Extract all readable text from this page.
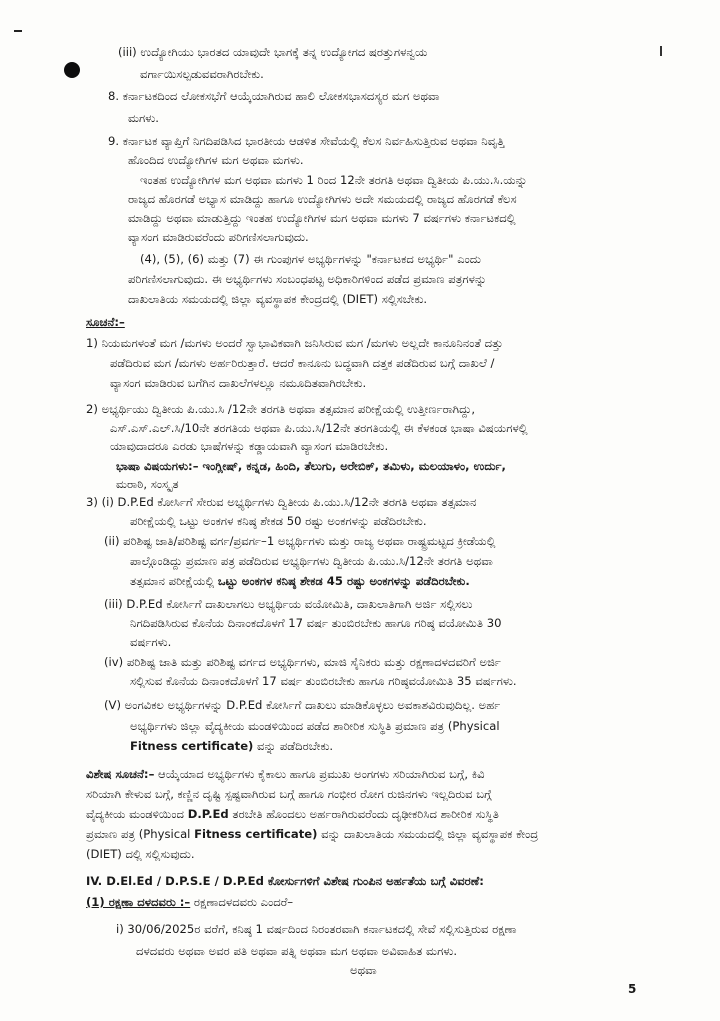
(iii) ಉದ್ಯೋಗಿಯು ಭಾರತದ ಯಾವುದೇ ಭಾಗಕ್ಕೆ ತನ್ನ ಉದ್ಯೋಗದ ಷರತ್ತುಗಳನ್ವಯ
ವರ್ಗಾಯಿಸಲ್ಪಡುವವರಾಗಿರಬೇಕು.
8. ಕರ್ನಾಟಕದಿಂದ ಲೋಕಸಭೆಗೆ ಆಯ್ಕೆಯಾಗಿರುವ ಹಾಲಿ ಲೋಕಸಭಾಸದಸ್ಯರ ಮಗ ಅಥವಾ
ಮಗಳು.
9. ಕರ್ನಾಟಕ ವ್ಯಾಪ್ತಿಗೆ ನಿಗದಿಪಡಿಸಿದ ಭಾರತೀಯ ಆಡಳಿತ ಸೇವೆಯಲ್ಲಿ ಕೆಲಸ ನಿರ್ವಹಿಸುತ್ತಿರುವ ಅಥವಾ ನಿವೃತ್ತಿ
ಹೊಂದಿದ ಉದ್ಯೋಗಿಗಳ ಮಗ ಅಥವಾ ಮಗಳು.
ಇಂತಹ ಉದ್ಯೋಗಿಗಳ ಮಗ ಅಥವಾ ಮಗಳು 1 ರಿಂದ 12ನೇ ತರಗತಿ ಅಥವಾ ದ್ವಿತೀಯ ಪಿ.ಯು.ಸಿ.ಯನ್ನು
ರಾಜ್ಯದ ಹೊರಗಡೆ ಅಭ್ಯಾಸ ಮಾಡಿದ್ದು ಹಾಗೂ ಉದ್ಯೋಗಿಗಳು ಅದೇ ಸಮಯದಲ್ಲಿ ರಾಜ್ಯದ ಹೊರಗಡೆ ಕೆಲಸ
ಮಾಡಿದ್ದು ಅಥವಾ ಮಾಡುತ್ತಿದ್ದು ಇಂತಹ ಉದ್ಯೋಗಿಗಳ ಮಗ ಅಥವಾ ಮಗಳು 7 ವರ್ಷಗಳು ಕರ್ನಾಟಕದಲ್ಲಿ
ವ್ಯಾಸಂಗ ಮಾಡಿರುವರೆಂದು ಪರಿಗಣಿಸಲಾಗುವುದು.
(4), (5), (6) ಮತ್ತು (7) ಈ ಗುಂಪುಗಳ ಅಭ್ಯರ್ಥಿಗಳನ್ನು "ಕರ್ನಾಟಕದ ಅಭ್ಯರ್ಥಿ" ಎಂದು
ಪರಿಗಣಿಸಲಾಗುವುದು. ಈ ಅಭ್ಯರ್ಥಿಗಳು ಸಂಬಂಧಪಟ್ಟ ಅಧಿಕಾರಿಗಳಿಂದ ಪಡೆದ ಪ್ರಮಾಣ ಪತ್ರಗಳನ್ನು
ದಾಖಲಾತಿಯ ಸಮಯದಲ್ಲಿ ಜಿಲ್ಲಾ ವ್ಯವಸ್ಥಾಪಕ ಕೇಂದ್ರದಲ್ಲಿ (DIET) ಸಲ್ಲಿಸಬೇಕು.
ಸೂಚನೆ:–
1) ನಿಯಮಗಳಂತೆ ಮಗ /ಮಗಳು ಅಂದರೆ ಸ್ವಾಭಾವಿಕವಾಗಿ ಜನಿಸಿರುವ ಮಗ /ಮಗಳು ಅಲ್ಲದೇ ಕಾನೂನಿನಂತೆ ದತ್ತು
ಪಡೆದಿರುವ ಮಗ /ಮಗಳು ಅರ್ಹರಿರುತ್ತಾರೆ. ಆದರೆ ಕಾನೂನು ಬದ್ಧವಾಗಿ ದತ್ತಕ ಪಡೆದಿರುವ ಬಗ್ಗೆ ದಾಖಲೆ /
ವ್ಯಾಸಂಗ ಮಾಡಿರುವ ಬಗೆಗಿನ ದಾಖಲೆಗಳಲ್ಲೂ ನಮೂದಿತವಾಗಿರಬೇಕು.
2) ಅಭ್ಯರ್ಥಿಯು ದ್ವಿತೀಯ ಪಿ.ಯು.ಸಿ /12ನೇ ತರಗತಿ ಅಥವಾ ತತ್ಸಮಾನ ಪರೀಕ್ಷೆಯಲ್ಲಿ ಉತ್ತೀರ್ಣರಾಗಿದ್ದು,
ಎಸ್.ಎಸ್.ಎಲ್.ಸಿ/10ನೇ ತರಗತಿಯ ಅಥವಾ ಪಿ.ಯು.ಸಿ/12ನೇ ತರಗತಿಯಲ್ಲಿ ಈ ಕೆಳಕಂಡ ಭಾಷಾ ವಿಷಯಗಳಲ್ಲಿ
ಯಾವುದಾದರೂ ಎರಡು ಭಾಷೆಗಳನ್ನು ಕಡ್ಡಾಯವಾಗಿ ವ್ಯಾಸಂಗ ಮಾಡಿರಬೇಕು.
ಭಾಷಾ ವಿಷಯಗಳು:– ಇಂಗ್ಲೀಷ್, ಕನ್ನಡ, ಹಿಂದಿ, ತೆಲುಗು, ಅರೇಬಿಕ್, ತಮಿಳು, ಮಲಯಾಳಂ, ಉರ್ದು,
ಮರಾಠಿ, ಸಂಸ್ಕೃತ
3) (i) D.P.Ed ಕೋರ್ಸಿಗೆ ಸೇರುವ ಅಭ್ಯರ್ಥಿಗಳು ದ್ವಿತೀಯ ಪಿ.ಯು.ಸಿ/12ನೇ ತರಗತಿ ಅಥವಾ ತತ್ಸಮಾನ
ಪರೀಕ್ಷೆಯಲ್ಲಿ ಒಟ್ಟು ಅಂಕಗಳ ಕನಿಷ್ಠ ಶೇಕಡ 50 ರಷ್ಟು ಅಂಕಗಳನ್ನು ಪಡೆದಿರಬೇಕು.
(ii) ಪರಿಶಿಷ್ಟ ಜಾತಿ/ಪರಿಶಿಷ್ಟ ವರ್ಗ/ಪ್ರವರ್ಗ–1 ಅಭ್ಯರ್ಥಿಗಳು ಮತ್ತು ರಾಜ್ಯ ಅಥವಾ ರಾಷ್ಟ್ರಮಟ್ಟದ ಕ್ರೀಡೆಯಲ್ಲಿ
ಪಾಲ್ಗೊಂಡಿದ್ದು ಪ್ರಮಾಣ ಪತ್ರ ಪಡೆದಿರುವ ಅಭ್ಯರ್ಥಿಗಳು ದ್ವಿತೀಯ ಪಿ.ಯು.ಸಿ/12ನೇ ತರಗತಿ ಅಥವಾ
ತತ್ಸಮಾನ ಪರೀಕ್ಷೆಯಲ್ಲಿ ಒಟ್ಟು ಅಂಕಗಳ ಕನಿಷ್ಠ ಶೇಕಡ 45 ರಷ್ಟು ಅಂಕಗಳನ್ನು ಪಡೆದಿರಬೇಕು.
(iii) D.P.Ed ಕೋರ್ಸಿಗೆ ದಾಖಲಾಗಲು ಅಭ್ಯರ್ಥಿಯ ವಯೋಮಿತಿ, ದಾಖಲಾತಿಗಾಗಿ ಅರ್ಜಿ ಸಲ್ಲಿಸಲು
ನಿಗದಿಪಡಿಸಿರುವ ಕೊನೆಯ ದಿನಾಂಕದೊಳಗೆ 17 ವರ್ಷ ತುಂಬಿರಬೇಕು ಹಾಗೂ ಗರಿಷ್ಠ ವಯೋಮಿತಿ 30
ವರ್ಷಗಳು.
(iv) ಪರಿಶಿಷ್ಟ ಜಾತಿ ಮತ್ತು ಪರಿಶಿಷ್ಟ ವರ್ಗದ ಅಭ್ಯರ್ಥಿಗಳು, ಮಾಜಿ ಸೈನಿಕರು ಮತ್ತು ರಕ್ಷಣಾದಳದವರಿಗೆ ಅರ್ಜಿ
ಸಲ್ಲಿಸುವ ಕೊನೆಯ ದಿನಾಂಕದೊಳಗೆ 17 ವರ್ಷ ತುಂಬಿರಬೇಕು ಹಾಗೂ ಗರಿಷ್ಠವಯೋಮಿತಿ 35 ವರ್ಷಗಳು.
(V) ಅಂಗವಿಕಲ ಅಭ್ಯರ್ಥಿಗಳನ್ನು D.P.Ed ಕೋರ್ಸಿಗೆ ದಾಖಲು ಮಾಡಿಕೊಳ್ಳಲು ಅವಕಾಶವಿರುವುದಿಲ್ಲ. ಅರ್ಹ
ಅಭ್ಯರ್ಥಿಗಳು ಜಿಲ್ಲಾ ವೈದ್ಯಕೀಯ ಮಂಡಳಿಯಿಂದ ಪಡೆದ ಶಾರೀರಿಕ ಸುಸ್ಥಿತಿ ಪ್ರಮಾಣ ಪತ್ರ (Physical
Fitness certificate) ವನ್ನು ಪಡೆದಿರಬೇಕು.
ವಿಶೇಷ ಸೂಚನೆ:– ಆಯ್ಕೆಯಾದ ಅಭ್ಯರ್ಥಿಗಳು ಕೈಕಾಲು ಹಾಗೂ ಪ್ರಮುಖ ಅಂಗಗಳು ಸರಿಯಾಗಿರುವ ಬಗ್ಗೆ, ಕಿವಿ
ಸರಿಯಾಗಿ ಕೇಳುವ ಬಗ್ಗೆ, ಕಣ್ಣಿನ ದೃಷ್ಟಿ ಸ್ಪಷ್ಟವಾಗಿರುವ ಬಗ್ಗೆ ಹಾಗೂ ಗಂಭೀರ ರೋಗ ರುಜಿನಗಳು ಇಲ್ಲದಿರುವ ಬಗ್ಗೆ
ವೈದ್ಯಕೀಯ ಮಂಡಳಿಯಿಂದ D.P.Ed ತರಬೇತಿ ಹೊಂದಲು ಅರ್ಹರಾಗಿರುವರೆಂದು ದೃಢೀಕರಿಸಿದ ಶಾರೀರಿಕ ಸುಸ್ಥಿತಿ
ಪ್ರಮಾಣ ಪತ್ರ (Physical Fitness certificate) ವನ್ನು ದಾಖಲಾತಿಯ ಸಮಯದಲ್ಲಿ ಜಿಲ್ಲಾ ವ್ಯವಸ್ಥಾಪಕ ಕೇಂದ್ರ
(DIET) ದಲ್ಲಿ ಸಲ್ಲಿಸುವುದು.
IV. D.El.Ed / D.P.S.E / D.P.Ed ಕೋರ್ಸುಗಳಿಗೆ ವಿಶೇಷ ಗುಂಪಿನ ಅರ್ಹತೆಯ ಬಗ್ಗೆ ವಿವರಣೆ:
(1) ರಕ್ಷಣಾ ದಳದವರು :– ರಕ್ಷಣಾದಳದವರು ಎಂದರೆ–
i) 30/06/2025ರ ವರೆಗೆ, ಕನಿಷ್ಠ 1 ವರ್ಷದಿಂದ ನಿರಂತರವಾಗಿ ಕರ್ನಾಟಕದಲ್ಲಿ ಸೇವೆ ಸಲ್ಲಿಸುತ್ತಿರುವ ರಕ್ಷಣಾ
ದಳದವರು ಅಥವಾ ಅವರ ಪತಿ ಅಥವಾ ಪತ್ನಿ ಅಥವಾ ಮಗ ಅಥವಾ ಅವಿವಾಹಿತ ಮಗಳು.
ಅಥವಾ
5
